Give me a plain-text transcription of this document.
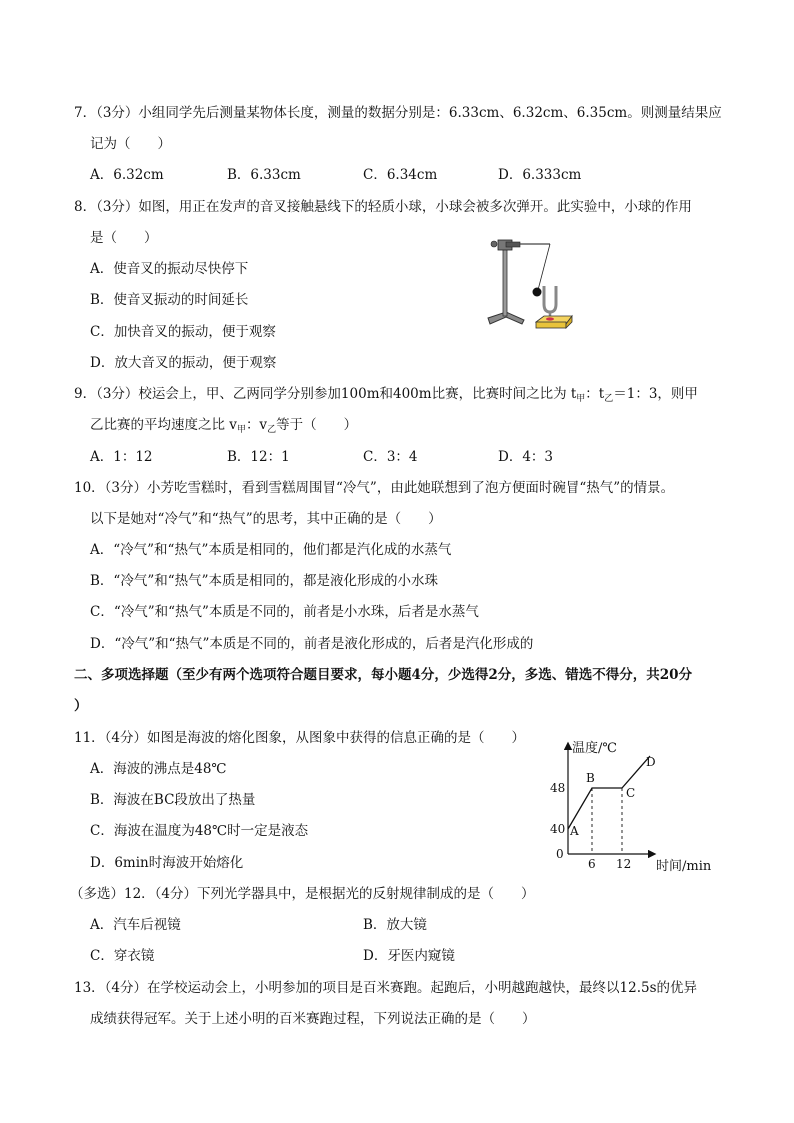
7．（3分）小组同学先后测量某物体长度，测量的数据分别是：6.33cm、6.32cm、6.35cm。则测量结果应
记为（　　）
A．6.32cm	B．6.33cm	C．6.34cm	D．6.333cm
8．（3分）如图，用正在发声的音叉接触悬线下的轻质小球，小球会被多次弹开。此实验中，小球的作用
是（　　）
A．使音叉的振动尽快停下
B．使音叉振动的时间延长
C．加快音叉的振动，便于观察
D．放大音叉的振动，便于观察
9．（3分）校运会上，甲、乙两同学分别参加100m和400m比赛，比赛时间之比为 $t_甲$：$t_乙=1$：3，则甲
乙比赛的平均速度之比 $v_甲$：$v_乙$等于（　　）
A．1：12	B．12：1	C．3：4	D．4：3
10．（3分）小芳吃雪糕时，看到雪糕周围冒“冷气”，由此她联想到了泡方便面时碗冒“热气”的情景。
以下是她对“冷气”和“热气”的思考，其中正确的是（　　）
A．“冷气”和“热气”本质是相同的，他们都是汽化成的水蒸气
B．“冷气”和“热气”本质是相同的，都是液化形成的小水珠
C．“冷气”和“热气”本质是不同的，前者是小水珠，后者是水蒸气
D．“冷气”和“热气”本质是不同的，前者是液化形成的，后者是汽化形成的
二、多项选择题（至少有两个选项符合题目要求，每小题4分，少选得2分，多选、错选不得分，共20分
）
11．（4分）如图是海波的熔化图象，从图象中获得的信息正确的是（　　）
A．海波的沸点是48℃
B．海波在BC段放出了热量
C．海波在温度为48℃时一定是液态
D．6min时海波开始熔化
温度/℃
时间/min
0
40
48
6 12
A
B
C
D
（多选）12．（4分）下列光学器具中，是根据光的反射规律制成的是（　　）
A．汽车后视镜	B．放大镜
C．穿衣镜	D．牙医内窥镜
13．（4分）在学校运动会上，小明参加的项目是百米赛跑。起跑后，小明越跑越快，最终以12.5s的优异
成绩获得冠军。关于上述小明的百米赛跑过程，下列说法正确的是（　　）
